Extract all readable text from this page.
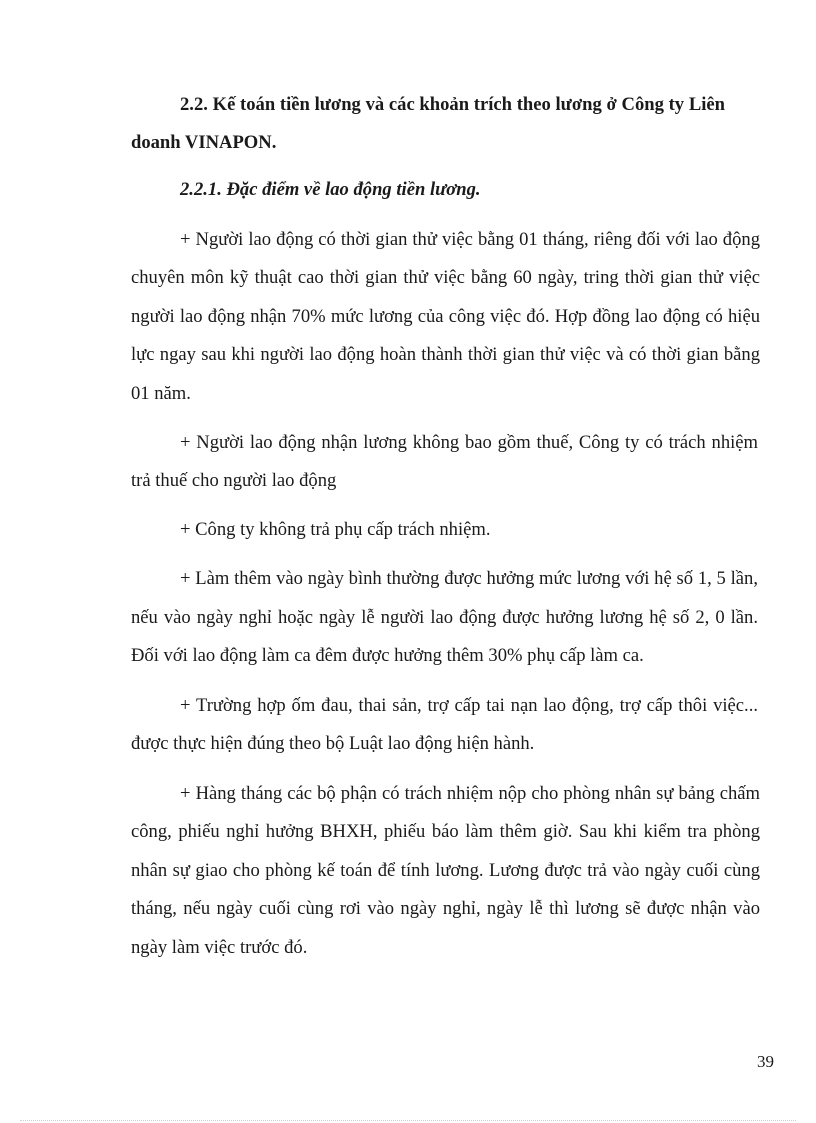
2.2. Kế toán tiền lương và các khoản trích theo lương ở Công ty Liên
doanh VINAPON.
2.2.1. Đặc điểm về lao động tiền lương.
+ Người lao động có thời gian thử việc bằng 01 tháng, riêng đối với lao động
chuyên môn kỹ thuật cao thời gian thử việc bằng 60 ngày, tring thời gian thử việc
người lao động nhận 70% mức lương của công việc đó. Hợp đồng lao động có hiệu
lực ngay sau khi người lao động hoàn thành thời gian thử việc và có thời gian bằng
01 năm.
+ Người lao động nhận lương không bao gồm thuế, Công ty có trách nhiệm
trả thuế cho người lao động
+ Công ty không trả phụ cấp trách nhiệm.
+ Làm thêm vào ngày bình thường được hưởng mức lương với hệ số 1, 5 lần,
nếu vào ngày nghỉ hoặc ngày lễ người lao động được hưởng lương hệ số 2, 0 lần.
Đối với lao động làm ca đêm được hưởng thêm 30% phụ cấp làm ca.
+ Trường hợp ốm đau, thai sản, trợ cấp tai nạn lao động, trợ cấp thôi việc...
được thực hiện đúng theo bộ Luật lao động hiện hành.
+ Hàng tháng các bộ phận có trách nhiệm nộp cho phòng nhân sự bảng chấm
công, phiếu nghỉ hưởng BHXH, phiếu báo làm thêm giờ. Sau khi kiểm tra phòng
nhân sự giao cho phòng kế toán để tính lương. Lương được trả vào ngày cuối cùng
tháng, nếu ngày cuối cùng rơi vào ngày nghỉ, ngày lễ thì lương sẽ được nhận vào
ngày làm việc trước đó.
39
